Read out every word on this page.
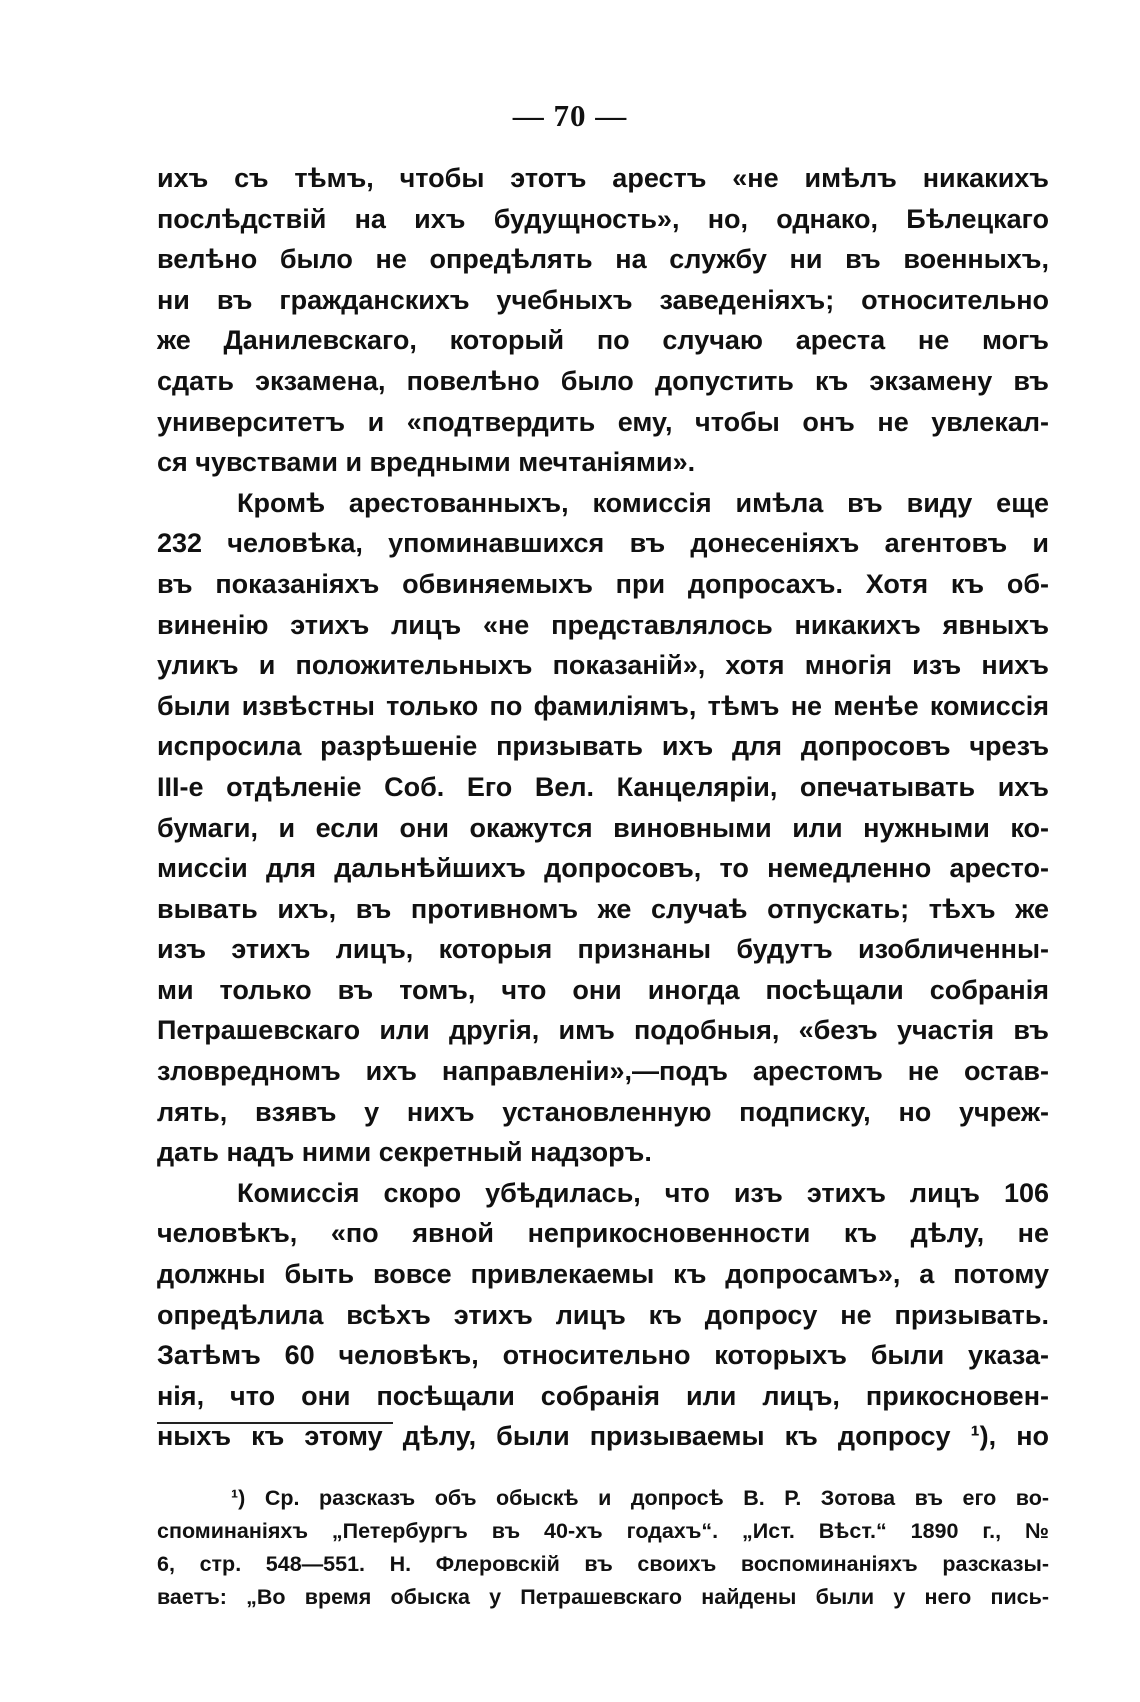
— 70 —
ихъ съ тѣмъ, чтобы этотъ арестъ «не имѣлъ никакихъ
послѣдствій на ихъ будущность», но, однако, Бѣлецкаго
велѣно было не опредѣлять на службу ни въ военныхъ,
ни въ гражданскихъ учебныхъ заведеніяхъ; относительно
же Данилевскаго, который по случаю ареста не могъ
сдать экзамена, повелѣно было допустить къ экзамену въ
университетъ и «подтвердить ему, чтобы онъ не увлекал-
ся чувствами и вредными мечтаніями».
Кромѣ арестованныхъ, комиссія имѣла въ виду еще
232 человѣка, упоминавшихся въ донесеніяхъ агентовъ и
въ показаніяхъ обвиняемыхъ при допросахъ. Хотя къ об-
виненію этихъ лицъ «не представлялось никакихъ явныхъ
уликъ и положительныхъ показаній», хотя многія изъ нихъ
были извѣстны только по фамиліямъ, тѣмъ не менѣе комиссія
испросила разрѣшеніе призывать ихъ для допросовъ чрезъ
III-е отдѣленіе Соб. Его Вел. Канцеляріи, опечатывать ихъ
бумаги, и если они окажутся виновными или нужными ко-
миссіи для дальнѣйшихъ допросовъ, то немедленно аресто-
вывать ихъ, въ противномъ же случаѣ отпускать; тѣхъ же
изъ этихъ лицъ, которыя признаны будутъ изобличенны-
ми только въ томъ, что они иногда посѣщали собранія
Петрашевскаго или другія, имъ подобныя, «безъ участія въ
зловредномъ ихъ направленіи»,—подъ арестомъ не остав-
лять, взявъ у нихъ установленную подписку, но учреж-
дать надъ ними секретный надзоръ.
Комиссія скоро убѣдилась, что изъ этихъ лицъ 106
человѣкъ, «по явной неприкосновенности къ дѣлу, не
должны быть вовсе привлекаемы къ допросамъ», а потому
опредѣлила всѣхъ этихъ лицъ къ допросу не призывать.
Затѣмъ 60 человѣкъ, относительно которыхъ были указа-
нія, что они посѣщали собранія или лицъ, прикосновен-
ныхъ къ этому дѣлу, были призываемы къ допросу ¹), но
¹) Ср. разсказъ объ обыскѣ и допросѣ В. Р. Зотова въ его во-
споминаніяхъ „Петербургъ въ 40-хъ годахъ“. „Ист. Вѣст.“ 1890 г., №
6, стр. 548—551. Н. Флеровскій въ своихъ воспоминаніяхъ разсказы-
ваетъ: „Во время обыска у Петрашевскаго найдены были у него пись-
